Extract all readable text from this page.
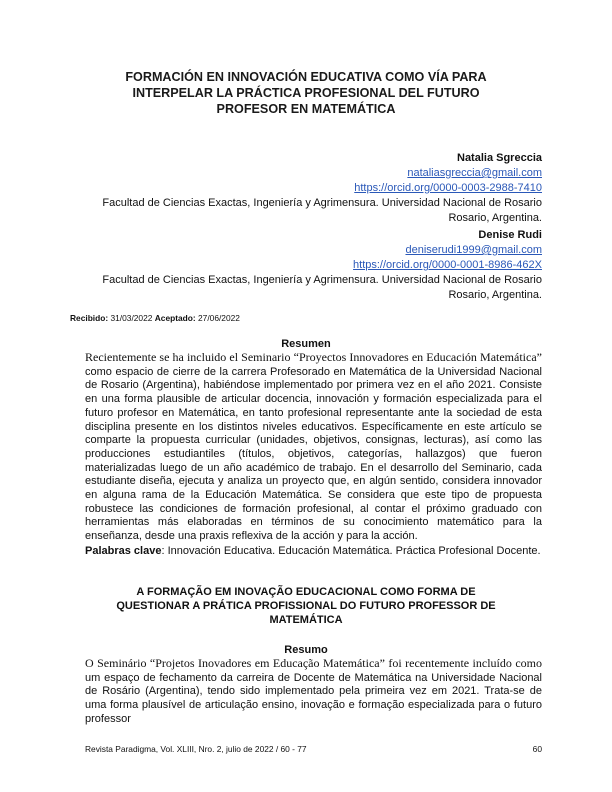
FORMACIÓN EN INNOVACIÓN EDUCATIVA COMO VÍA PARA
INTERPELAR LA PRÁCTICA PROFESIONAL DEL FUTURO
PROFESOR EN MATEMÁTICA
Natalia Sgreccia
nataliasgreccia@gmail.com
https://orcid.org/0000-0003-2988-7410
Facultad de Ciencias Exactas, Ingeniería y Agrimensura. Universidad Nacional de Rosario
Rosario, Argentina.
Denise Rudi
deniserudi1999@gmail.com
https://orcid.org/0000-0001-8986-462X
Facultad de Ciencias Exactas, Ingeniería y Agrimensura. Universidad Nacional de Rosario
Rosario, Argentina.
Recibido: 31/03/2022 Aceptado: 27/06/2022
Resumen
Recientemente se ha incluido el Seminario “Proyectos Innovadores en Educación Matemática” como espacio de cierre de la carrera Profesorado en Matemática de la Universidad Nacional de Rosario (Argentina), habiéndose implementado por primera vez en el año 2021. Consiste en una forma plausible de articular docencia, innovación y formación especializada para el futuro profesor en Matemática, en tanto profesional representante ante la sociedad de esta disciplina presente en los distintos niveles educativos. Específicamente en este artículo se comparte la propuesta curricular (unidades, objetivos, consignas, lecturas), así como las producciones estudiantiles (títulos, objetivos, categorías, hallazgos) que fueron materializadas luego de un año académico de trabajo. En el desarrollo del Seminario, cada estudiante diseña, ejecuta y analiza un proyecto que, en algún sentido, considera innovador en alguna rama de la Educación Matemática. Se considera que este tipo de propuesta robustece las condiciones de formación profesional, al contar el próximo graduado con herramientas más elaboradas en términos de su conocimiento matemático para la enseñanza, desde una praxis reflexiva de la acción y para la acción.
Palabras clave: Innovación Educativa. Educación Matemática. Práctica Profesional Docente.
A FORMAÇÃO EM INOVAÇÃO EDUCACIONAL COMO FORMA DE QUESTIONAR A PRÁTICA PROFISSIONAL DO FUTURO PROFESSOR DE MATEMÁTICA
Resumo
O Seminário “Projetos Inovadores em Educação Matemática” foi recentemente incluído como um espaço de fechamento da carreira de Docente de Matemática na Universidade Nacional de Rosário (Argentina), tendo sido implementado pela primeira vez em 2021. Trata-se de uma forma plausível de articulação ensino, inovação e formação especializada para o futuro professor
Revista Paradigma, Vol. XLIII, Nro. 2, julio de 2022 / 60 - 77	60
